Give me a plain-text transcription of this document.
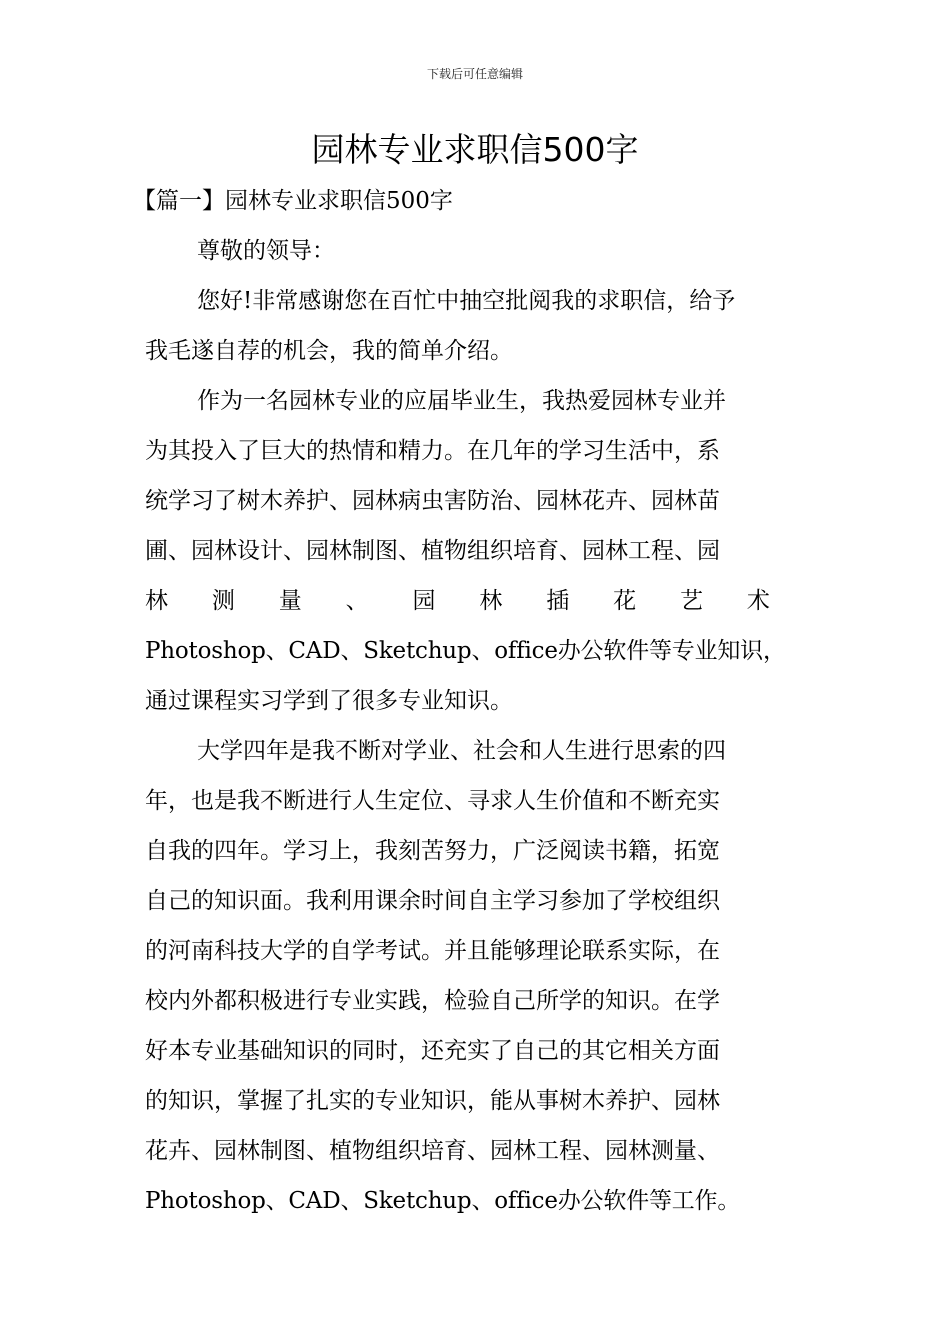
下载后可任意编辑
园林专业求职信500字

【篇一】园林专业求职信500字

尊敬的领导：

您好!非常感谢您在百忙中抽空批阅我的求职信，给予

我毛遂自荐的机会，我的简单介绍。

作为一名园林专业的应届毕业生，我热爱园林专业并

为其投入了巨大的热情和精力。在几年的学习生活中，系

统学习了树木养护、园林病虫害防治、园林花卉、园林苗

圃、园林设计、园林制图、植物组织培育、园林工程、园

林 测 量 、 园 林 插 花 艺 术

Photoshop、CAD、Sketchup、office办公软件等专业知识，

通过课程实习学到了很多专业知识。

大学四年是我不断对学业、社会和人生进行思索的四

年，也是我不断进行人生定位、寻求人生价值和不断充实

自我的四年。学习上，我刻苦努力，广泛阅读书籍，拓宽

自己的知识面。我利用课余时间自主学习参加了学校组织

的河南科技大学的自学考试。并且能够理论联系实际，在

校内外都积极进行专业实践，检验自己所学的知识。在学

好本专业基础知识的同时，还充实了自己的其它相关方面

的知识，掌握了扎实的专业知识，能从事树木养护、园林

花卉、园林制图、植物组织培育、园林工程、园林测量、

Photoshop、CAD、Sketchup、office办公软件等工作。
